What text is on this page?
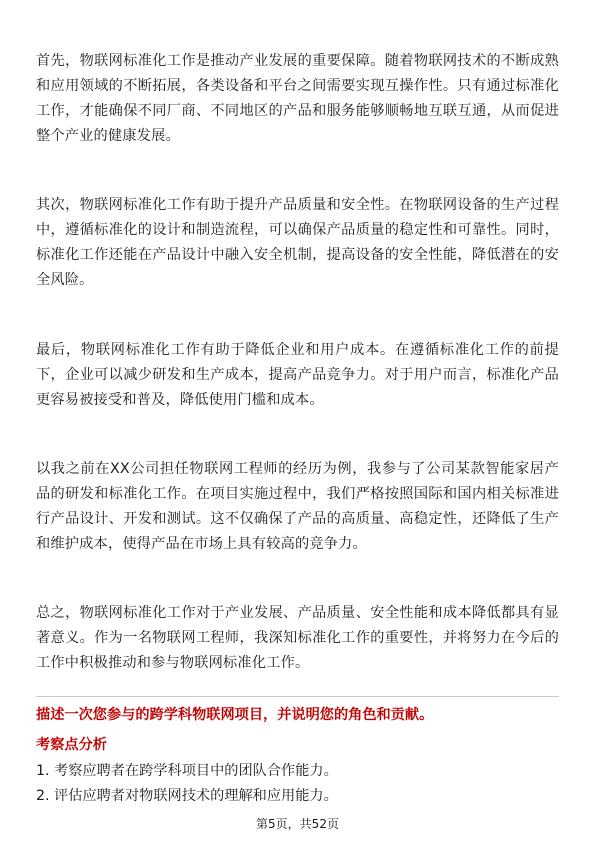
首先，物联网标准化工作是推动产业发展的重要保障。随着物联网技术的不断成熟和应用领域的不断拓展，各类设备和平台之间需要实现互操作性。只有通过标准化工作，才能确保不同厂商、不同地区的产品和服务能够顺畅地互联互通，从而促进整个产业的健康发展。

其次，物联网标准化工作有助于提升产品质量和安全性。在物联网设备的生产过程中，遵循标准化的设计和制造流程，可以确保产品质量的稳定性和可靠性。同时，标准化工作还能在产品设计中融入安全机制，提高设备的安全性能，降低潜在的安全风险。

最后，物联网标准化工作有助于降低企业和用户成本。在遵循标准化工作的前提下，企业可以减少研发和生产成本，提高产品竞争力。对于用户而言，标准化产品更容易被接受和普及，降低使用门槛和成本。

以我之前在XX公司担任物联网工程师的经历为例，我参与了公司某款智能家居产品的研发和标准化工作。在项目实施过程中，我们严格按照国际和国内相关标准进行产品设计、开发和测试。这不仅确保了产品的高质量、高稳定性，还降低了生产和维护成本，使得产品在市场上具有较高的竞争力。

总之，物联网标准化工作对于产业发展、产品质量、安全性能和成本降低都具有显著意义。作为一名物联网工程师，我深知标准化工作的重要性，并将努力在今后的工作中积极推动和参与物联网标准化工作。

描述一次您参与的跨学科物联网项目，并说明您的角色和贡献。

考察点分析

1. 考察应聘者在跨学科项目中的团队合作能力。
2. 评估应聘者对物联网技术的理解和应用能力。
第5页，共52页
